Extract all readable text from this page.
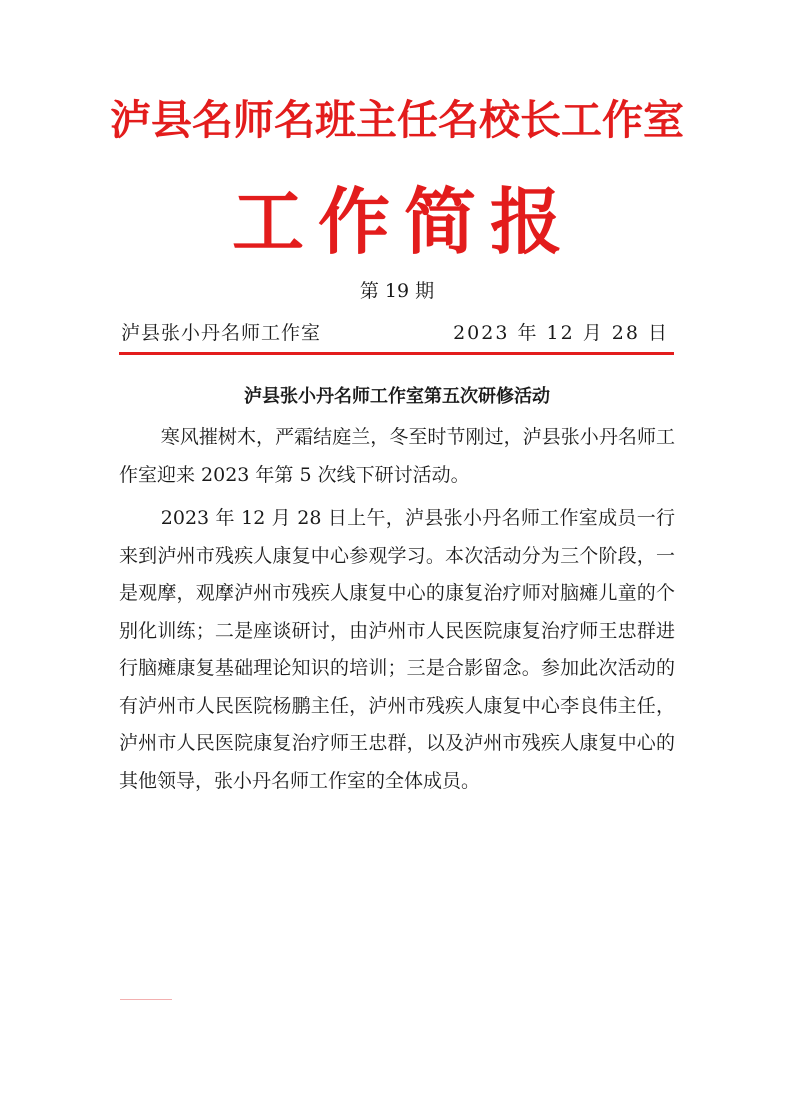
泸县名师名班主任名校长工作室
工作简报
第 19 期
泸县张小丹名师工作室	2023 年 12 月 28 日
泸县张小丹名师工作室第五次研修活动

寒风摧树木，严霜结庭兰，冬至时节刚过，泸县张小丹名师工作室迎来 2023 年第 5 次线下研讨活动。

2023 年 12 月 28 日上午，泸县张小丹名师工作室成员一行来到泸州市残疾人康复中心参观学习。本次活动分为三个阶段，一是观摩，观摩泸州市残疾人康复中心的康复治疗师对脑瘫儿童的个别化训练；二是座谈研讨，由泸州市人民医院康复治疗师王忠群进行脑瘫康复基础理论知识的培训；三是合影留念。参加此次活动的有泸州市人民医院杨鹏主任，泸州市残疾人康复中心李良伟主任，泸州市人民医院康复治疗师王忠群，以及泸州市残疾人康复中心的其他领导，张小丹名师工作室的全体成员。
